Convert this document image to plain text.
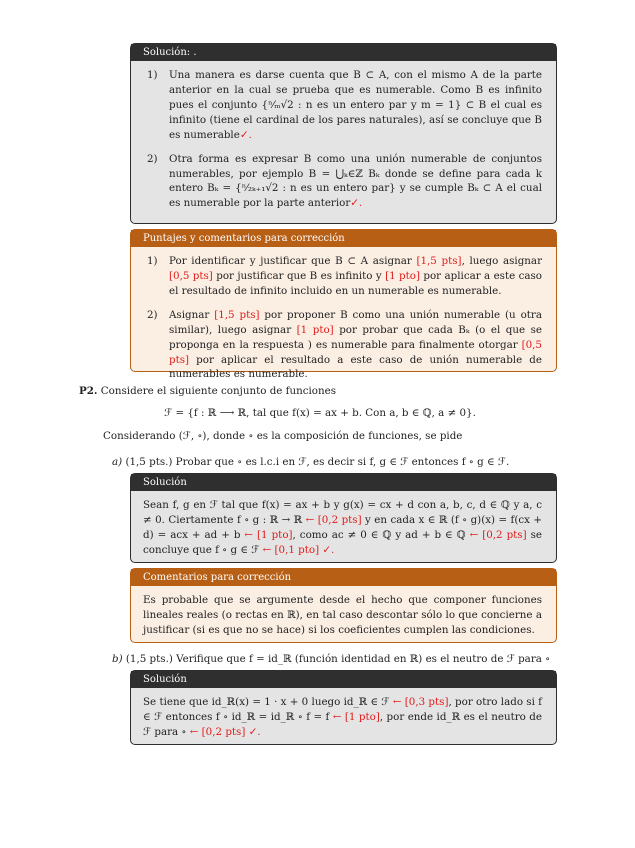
Solución: .
1) Una manera es darse cuenta que B ⊂ A, con el mismo A de la parte anterior en la cual se prueba que es numerable. Como B es infinito pues el conjunto {ⁿ⁄ₘ√2 : n es un entero par y m = 1} ⊂ B el cual es infinito (tiene el cardinal de los pares naturales), así se concluye que B es numerable✓.
2) Otra forma es expresar B como una unión numerable de conjuntos numerables, por ejemplo B = ⋃ₖ∈ℤ Bₖ donde se define para cada k entero Bₖ = {ⁿ⁄₂ₖ₊₁√2 : n es un entero par} y se cumple Bₖ ⊂ A el cual es numerable por la parte anterior✓.
Puntajes y comentarios para corrección
1) Por identificar y justificar que B ⊂ A asignar [1,5 pts], luego asignar [0,5 pts] por justificar que B es infinito y [1 pto] por aplicar a este caso el resultado de infinito incluido en un numerable es numerable.
2) Asignar [1,5 pts] por proponer B como una unión numerable (u otra similar), luego asignar [1 pto] por probar que cada Bₖ (o el que se proponga en la respuesta ) es numerable para finalmente otorgar [0,5 pts] por aplicar el resultado a este caso de unión numerable de numerables es numerable.
P2. Considere el siguiente conjunto de funciones
ℱ = {f : ℝ ⟶ ℝ, tal que f(x) = ax + b. Con a, b ∈ ℚ, a ≠ 0}.
Considerando (ℱ, ∘), donde ∘ es la composición de funciones, se pide
a) (1,5 pts.) Probar que ∘ es l.c.i en ℱ, es decir si f, g ∈ ℱ entonces f ∘ g ∈ ℱ.
Solución
Sean f, g en ℱ tal que f(x) = ax + b y g(x) = cx + d con a, b, c, d ∈ ℚ y a, c ≠ 0. Ciertamente f ∘ g : ℝ → ℝ ← [0,2 pts] y en cada x ∈ ℝ (f ∘ g)(x) = f(cx + d) = acx + ad + b ← [1 pto], como ac ≠ 0 ∈ ℚ y ad + b ∈ ℚ ← [0,2 pts] se concluye que f ∘ g ∈ ℱ ← [0,1 pto] ✓.
Comentarios para corrección
Es probable que se argumente desde el hecho que componer funciones lineales reales (o rectas en ℝ), en tal caso descontar sólo lo que concierne a justificar (si es que no se hace) si los coeficientes cumplen las condiciones.
b) (1,5 pts.) Verifique que f = id_ℝ (función identidad en ℝ) es el neutro de ℱ para ∘
Solución
Se tiene que id_ℝ(x) = 1 · x + 0 luego id_ℝ ∈ ℱ ← [0,3 pts], por otro lado si f ∈ ℱ entonces f ∘ id_ℝ = id_ℝ ∘ f = f ← [1 pto], por ende id_ℝ es el neutro de ℱ para ∘ ← [0,2 pts] ✓.
